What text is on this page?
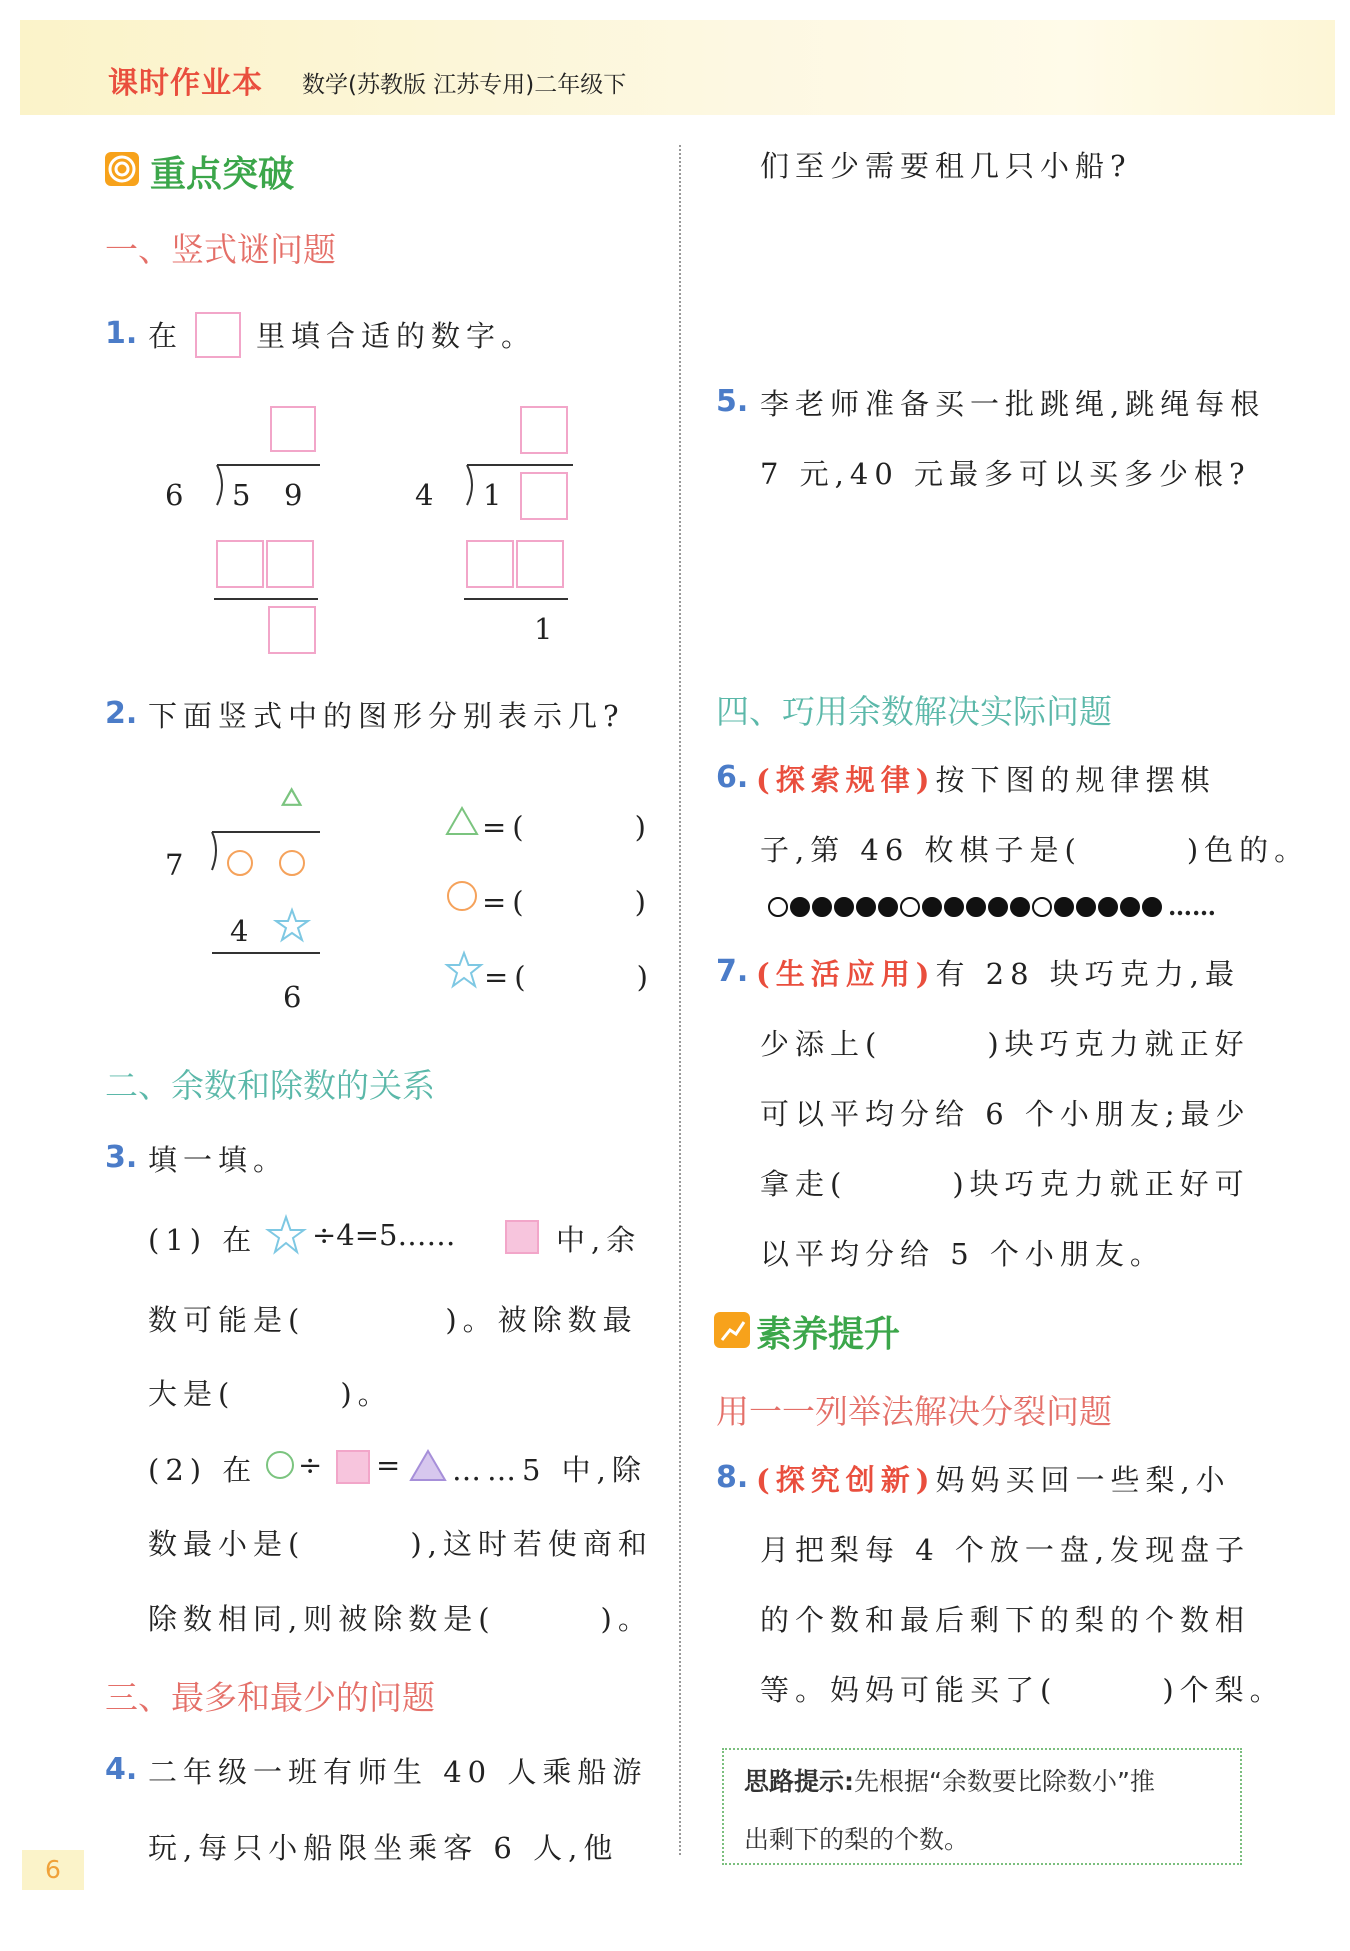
课时作业本 数学(苏教版 江苏专用)二年级下
重点突破
一、竖式谜问题
1. 在	里填合适的数字。
6 5 9	4 1
1
2. 下面竖式中的图形分别表示几?
7
4
6
=(　　　)
=(　　　)
=(　　　)
二、余数和除数的关系
3. 填一填。
(1) 在 ÷4=5……	中,余
数可能是(　　　　)。被除数最
大是(　　　)。
(2) 在 ÷ = ……5 中,除
数最小是(　　　),这时若使商和
除数相同,则被除数是(　　　)。
三、最多和最少的问题
4. 二年级一班有师生 40 人乘船游
玩,每只小船限坐乘客 6 人,他
6
们至少需要租几只小船?
5. 李老师准备买一批跳绳,跳绳每根
7 元,40 元最多可以买多少根?
四、巧用余数解决实际问题
6. (探索规律)按下图的规律摆棋
子,第 46 枚棋子是(　　　)色的。
……
7. (生活应用)有 28 块巧克力,最
少添上(　　　)块巧克力就正好
可以平均分给 6 个小朋友;最少
拿走(　　　)块巧克力就正好可
以平均分给 5 个小朋友。
素养提升
用一一列举法解决分裂问题
8. (探究创新)妈妈买回一些梨,小
月把梨每 4 个放一盘,发现盘子
的个数和最后剩下的梨的个数相
等。妈妈可能买了(　　　)个梨。
思路提示:先根据“余数要比除数小”推
出剩下的梨的个数。
